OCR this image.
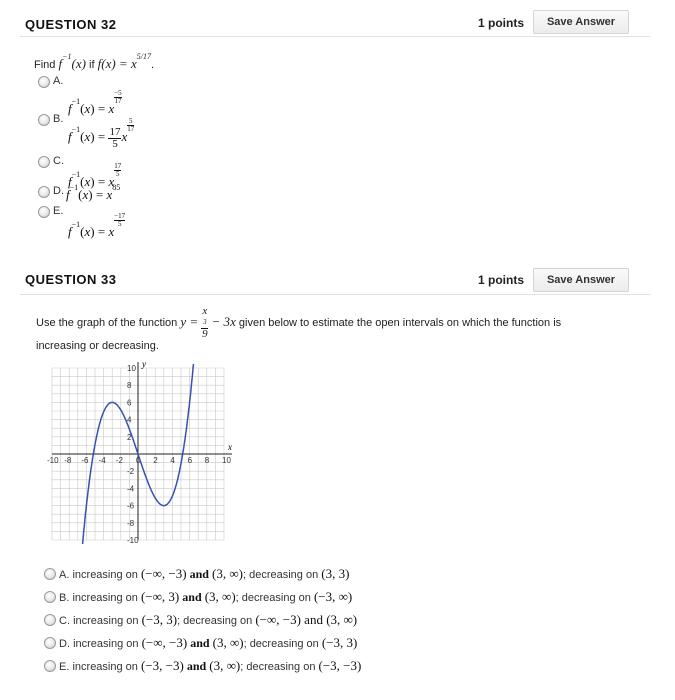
QUESTION 32	1 points	Save Answer
Find $f^{-1}(x)$ if $f(x) = x^{5/17}$.
A.
$f^{-1}(x) = x$
$\frac{-5}{17}$
B.
$f^{-1}(x) = \frac{17}{5}$ x
$\frac{5}{17}$
C.
$f^{-1}(x) = x$
$\frac{17}{5}$
D. $f^{-1}(x) = x^{85}$
E.
$f^{-1}(x) = x$
$\frac{-17}{5}$
QUESTION 33	1 points	Save Answer
Use the graph of the function y = x
3
9 − 3x given below to estimate the open intervals on which the function is
increasing or decreasing.
-10 -8 -6 -4 -2 0 2 4 6 8 10
10
8
6
4
2
-2
-4
-6
-8
-10
x
y
A. increasing on (−∞, −3) and (3, ∞); decreasing on (3, 3)
B. increasing on (−∞, 3) and (3, ∞); decreasing on (−3, ∞)
C. increasing on (−3, 3); decreasing on (−∞, −3) and (3, ∞)
D. increasing on (−∞, −3) and (3, ∞); decreasing on (−3, 3)
E. increasing on (−3, −3) and (3, ∞); decreasing on (−3, −3)
